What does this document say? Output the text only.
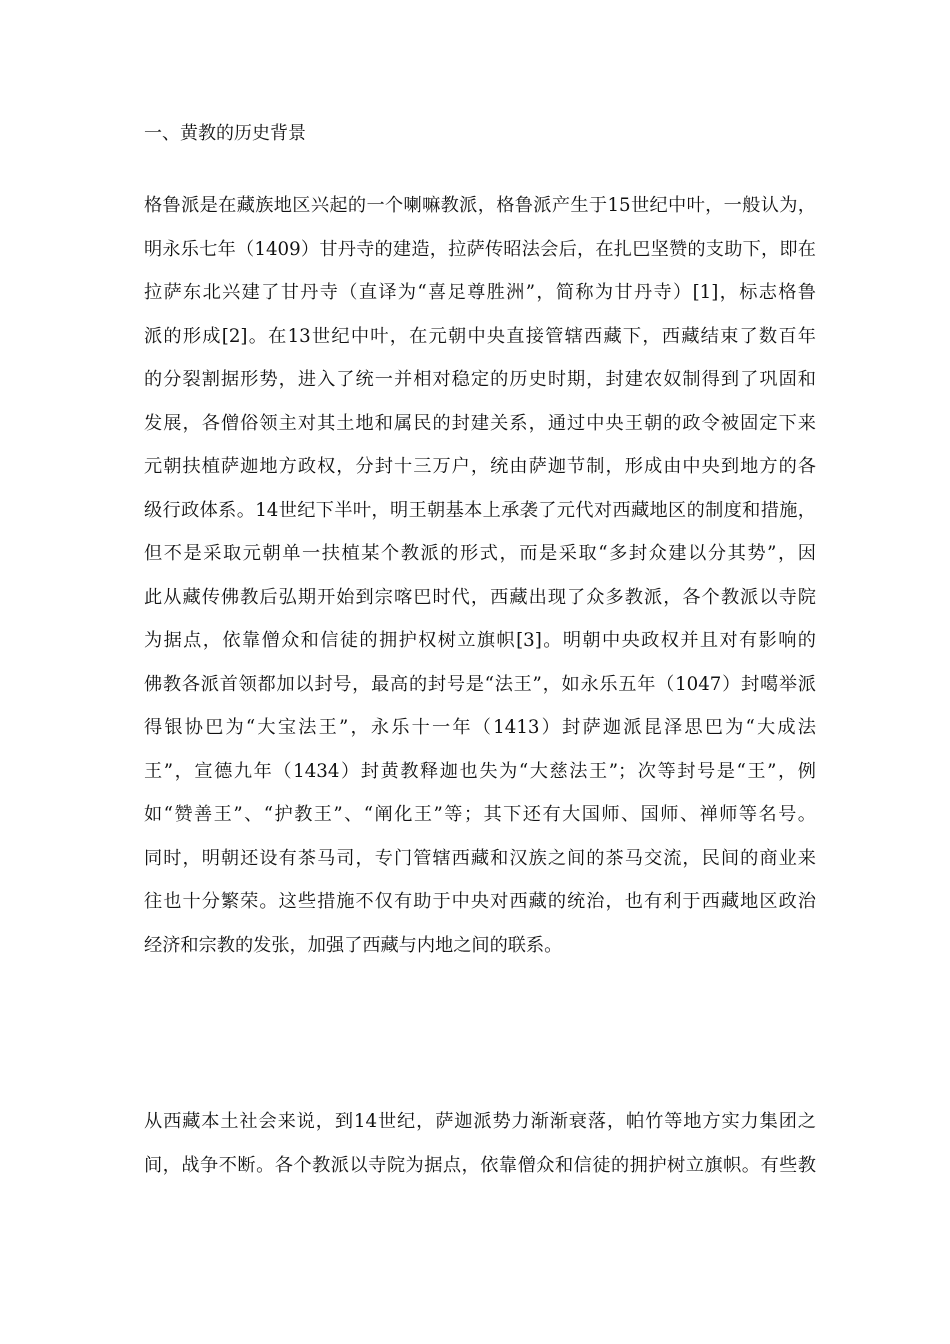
一、黄教的历史背景
格鲁派是在藏族地区兴起的一个喇嘛教派，格鲁派产生于15世纪中叶，一般认为，
明永乐七年（1409）甘丹寺的建造，拉萨传昭法会后，在扎巴坚赞的支助下，即在
拉萨东北兴建了甘丹寺（直译为“喜足尊胜洲”，简称为甘丹寺）[1]，标志格鲁
派的形成[2]。在13世纪中叶，在元朝中央直接管辖西藏下，西藏结束了数百年
的分裂割据形势，进入了统一并相对稳定的历史时期，封建农奴制得到了巩固和
发展，各僧俗领主对其土地和属民的封建关系，通过中央王朝的政令被固定下来
元朝扶植萨迦地方政权，分封十三万户，统由萨迦节制，形成由中央到地方的各
级行政体系。14世纪下半叶，明王朝基本上承袭了元代对西藏地区的制度和措施，
但不是采取元朝单一扶植某个教派的形式，而是采取“多封众建以分其势”，因
此从藏传佛教后弘期开始到宗喀巴时代，西藏出现了众多教派，各个教派以寺院
为据点，依靠僧众和信徒的拥护权树立旗帜[3]。明朝中央政权并且对有影响的
佛教各派首领都加以封号，最高的封号是“法王”，如永乐五年（1047）封噶举派
得银协巴为“大宝法王”，永乐十一年（1413）封萨迦派昆泽思巴为“大成法
王”，宣德九年（1434）封黄教释迦也失为“大慈法王”；次等封号是“王”，例
如“赞善王”、“护教王”、“阐化王”等；其下还有大国师、国师、禅师等名号。
同时，明朝还设有茶马司，专门管辖西藏和汉族之间的茶马交流，民间的商业来
往也十分繁荣。这些措施不仅有助于中央对西藏的统治，也有利于西藏地区政治
经济和宗教的发张，加强了西藏与内地之间的联系。
从西藏本土社会来说，到14世纪，萨迦派势力渐渐衰落，帕竹等地方实力集团之
间，战争不断。各个教派以寺院为据点，依靠僧众和信徒的拥护树立旗帜。有些教
